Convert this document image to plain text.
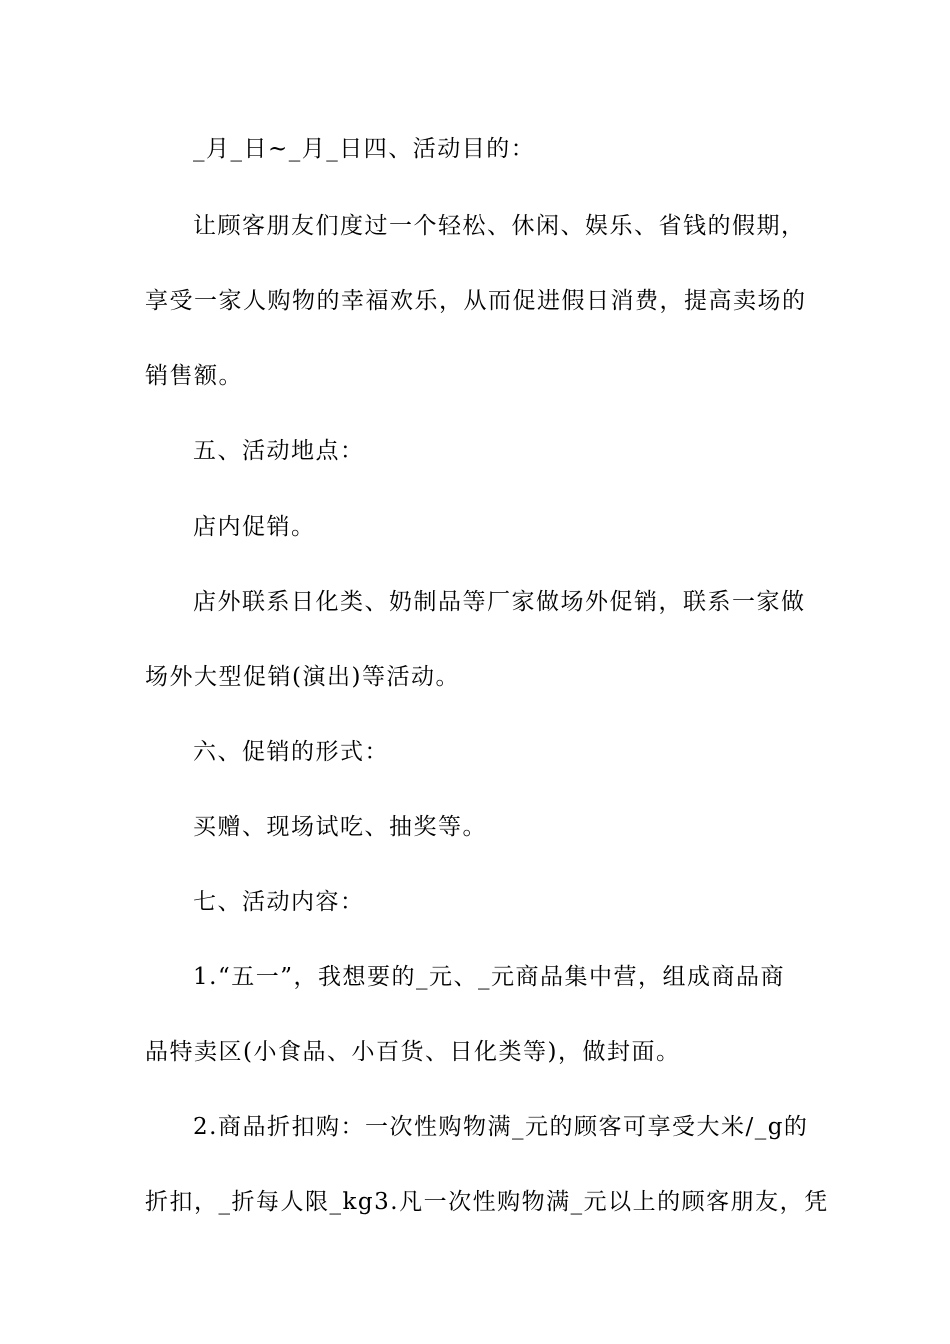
_月_日~_月_日四、活动目的：
让顾客朋友们度过一个轻松、休闲、娱乐、省钱的假期，
享受一家人购物的幸福欢乐，从而促进假日消费，提高卖场的
销售额。
五、活动地点：
店内促销。
店外联系日化类、奶制品等厂家做场外促销，联系一家做
场外大型促销(演出)等活动。
六、促销的形式：
买赠、现场试吃、抽奖等。
七、活动内容：
1.“五一”，我想要的_元、_元商品集中营，组成商品商
品特卖区(小食品、小百货、日化类等)，做封面。
2.商品折扣购：一次性购物满_元的顾客可享受大米/_g的
折扣，_折每人限_kg3.凡一次性购物满_元以上的顾客朋友，凭
